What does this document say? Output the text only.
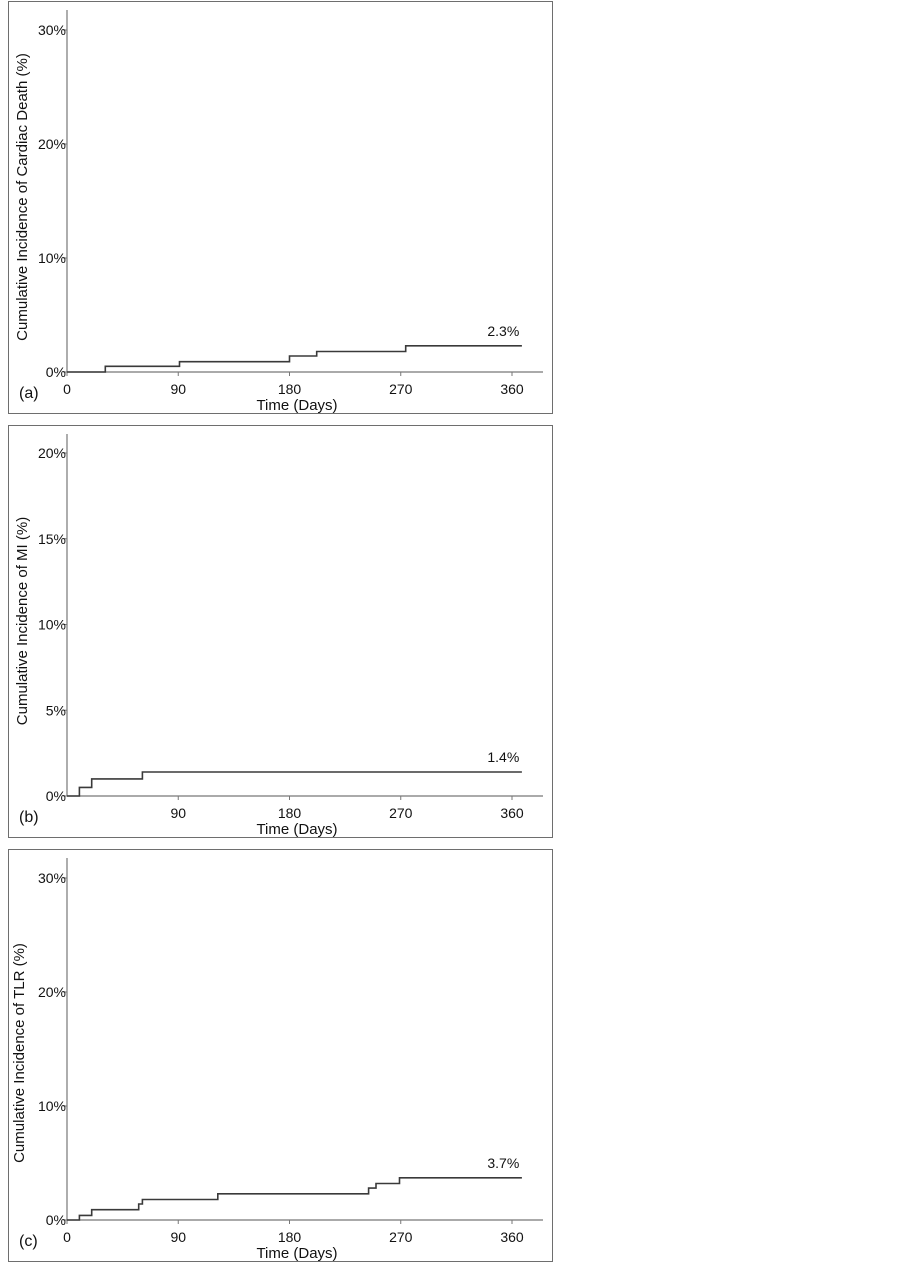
0%
10%
20%
30%
0	90	180	270	360
Time (Days)
Cumulative Incidence of Cardiac Death (%)
(a)
2.3%
0%
5%
10%
15%
20%
90	180	270	360
Time (Days)
Cumulative Incidence of MI (%)
(b)
1.4%
0%
10%
20%
30%
0	90	180	270	360
Time (Days)
Cumulative Incidence of TLR (%)
(c)
3.7%
